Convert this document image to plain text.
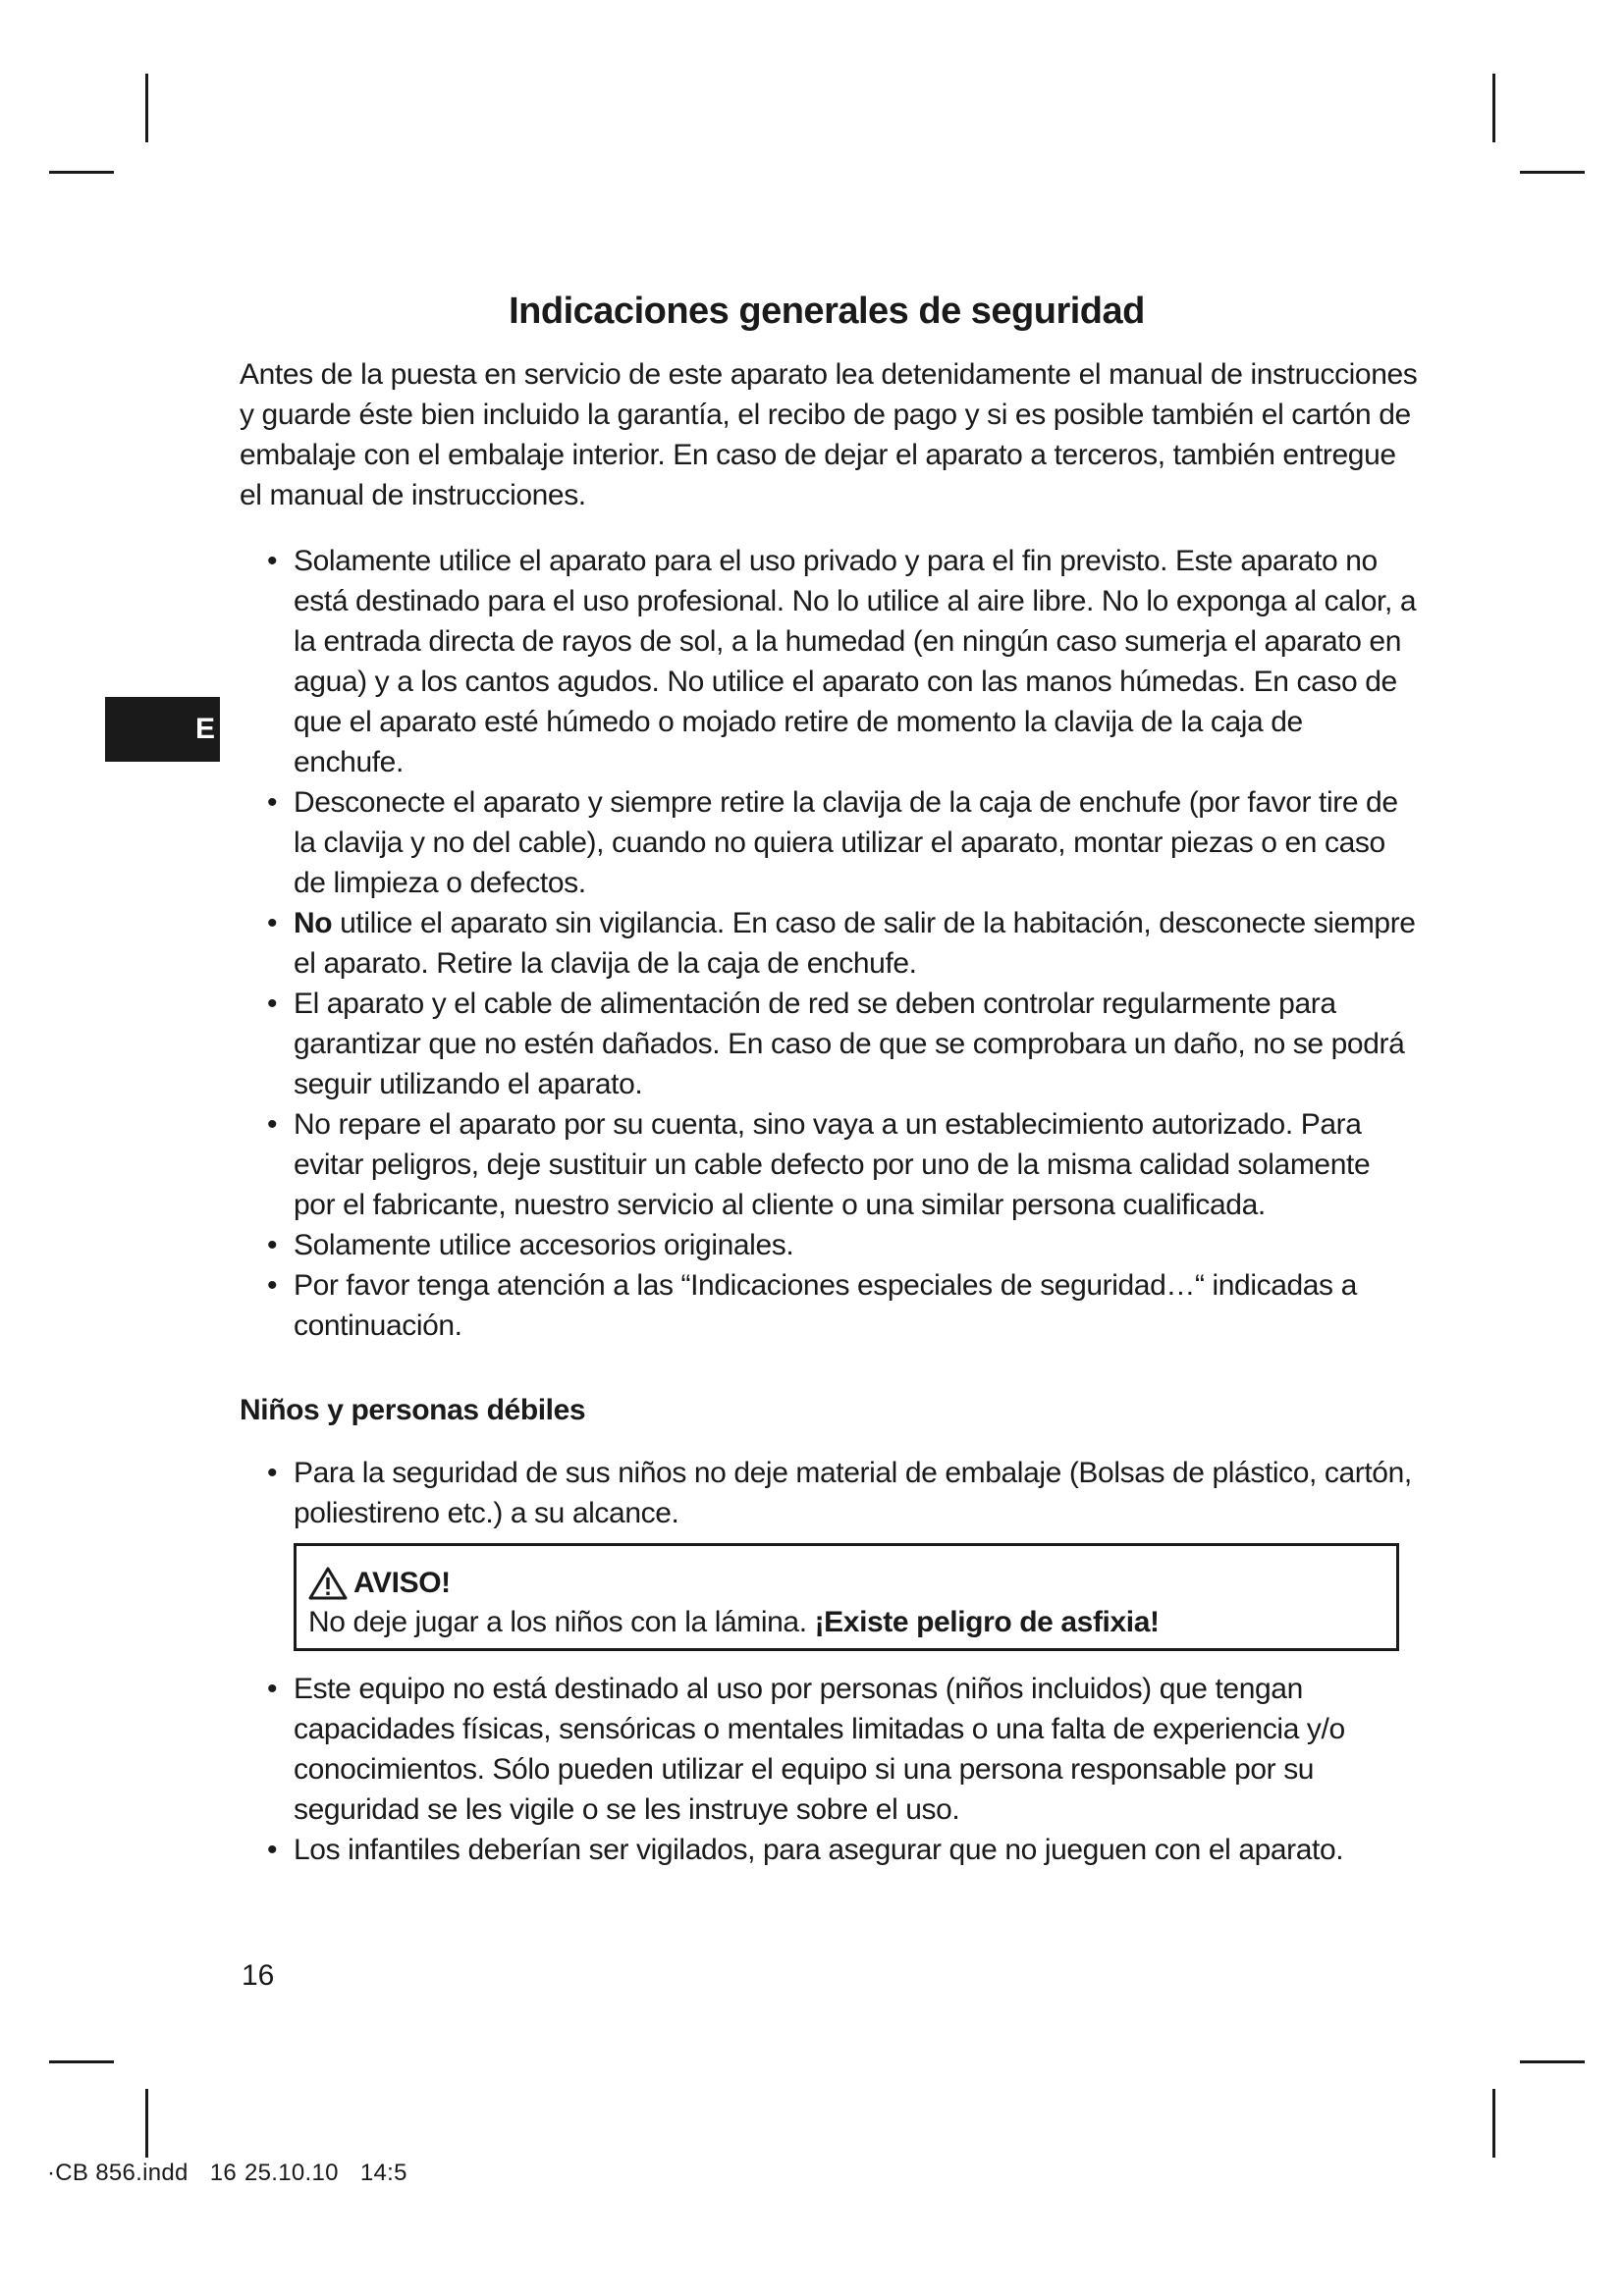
Indicaciones generales de seguridad

Antes de la puesta en servicio de este aparato lea detenidamente el manual de instrucciones y guarde éste bien incluido la garantía, el recibo de pago y si es posible también el cartón de embalaje con el embalaje interior. En caso de dejar el aparato a terceros, también entregue el manual de instrucciones.

E
• Solamente utilice el aparato para el uso privado y para el fin previsto. Este aparato no está destinado para el uso profesional. No lo utilice al aire libre. No lo exponga al calor, a la entrada directa de rayos de sol, a la humedad (en ningún caso sumerja el aparato en agua) y a los cantos agudos. No utilice el aparato con las manos húmedas. En caso de que el aparato esté húmedo o mojado retire de momento la clavija de la caja de enchufe.
• Desconecte el aparato y siempre retire la clavija de la caja de enchufe (por favor tire de la clavija y no del cable), cuando no quiera utilizar el aparato, montar piezas o en caso de limpieza o defectos.
• No utilice el aparato sin vigilancia. En caso de salir de la habitación, desconecte siempre el aparato. Retire la clavija de la caja de enchufe.
• El aparato y el cable de alimentación de red se deben controlar regularmente para garantizar que no estén dañados. En caso de que se comprobara un daño, no se podrá seguir utilizando el aparato.
• No repare el aparato por su cuenta, sino vaya a un establecimiento autorizado. Para evitar peligros, deje sustituir un cable defecto por uno de la misma calidad solamente por el fabricante, nuestro servicio al cliente o una similar persona cualificada.
• Solamente utilice accesorios originales.
• Por favor tenga atención a las “Indicaciones especiales de seguridad…“ indicadas a continuación.
Niños y personas débiles
• Para la seguridad de sus niños no deje material de embalaje (Bolsas de plástico, cartón, poliestireno etc.) a su alcance.
AVISO!
No deje jugar a los niños con la lámina. ¡Existe peligro de asfixia!
• Este equipo no está destinado al uso por personas (niños incluidos) que tengan capacidades físicas, sensóricas o mentales limitadas o una falta de experiencia y/o conocimientos. Sólo pueden utilizar el equipo si una persona responsable por su seguridad se les vigile o se les instruye sobre el uso.
• Los infantiles deberían ser vigilados, para asegurar que no jueguen con el aparato.
16
·CB 856.indd 16 25.10.10 14:5
